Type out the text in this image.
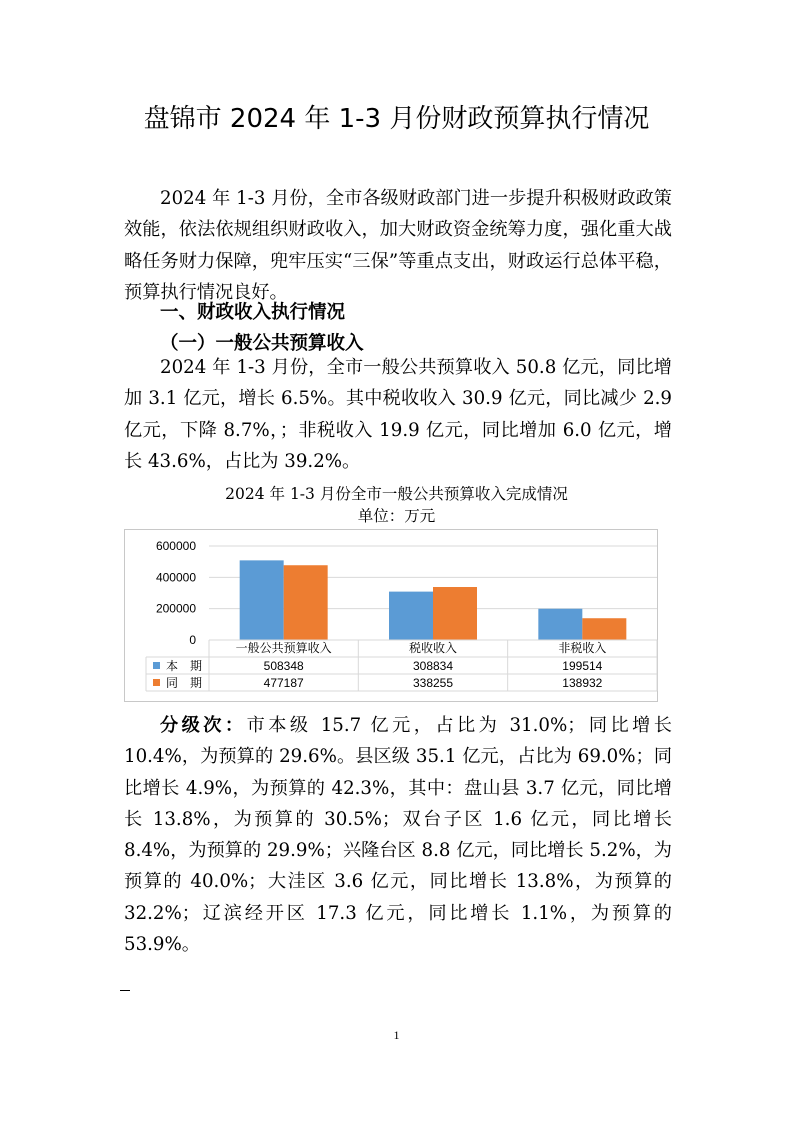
盘锦市 2024 年 1-3 月份财政预算执行情况

2024 年 1-3 月份，全市各级财政部门进一步提升积极财政政策效能，依法依规组织财政收入，加大财政资金统筹力度，强化重大战略任务财力保障，兜牢压实“三保”等重点支出，财政运行总体平稳，预算执行情况良好。

一、财政收入执行情况
（一）一般公共预算收入

2024 年 1-3 月份，全市一般公共预算收入 50.8 亿元，同比增加 3.1 亿元，增长 6.5%。其中税收收入 30.9 亿元，同比减少 2.9 亿元，下降 8.7%，；非税收入 19.9 亿元，同比增加 6.0 亿元，增长 43.6%，占比为 39.2%。

2024 年 1-3 月份全市一般公共预算收入完成情况
单位：万元
600000
400000
200000
0
一般公共预算收入	税收收入	非税收入
本　期	508348	308834	199514
同　期	477187	338255	138932

分级次：市本级 15.7 亿元，占比为 31.0%；同比增长 10.4%，为预算的 29.6%。县区级 35.1 亿元，占比为 69.0%；同比增长 4.9%，为预算的 42.3%，其中：盘山县 3.7 亿元，同比增长 13.8%，为预算的 30.5%；双台子区 1.6 亿元，同比增长 8.4%，为预算的 29.9%；兴隆台区 8.8 亿元，同比增长 5.2%，为预算的 40.0%；大洼区 3.6 亿元，同比增长 13.8%，为预算的 32.2%；辽滨经开区 17.3 亿元，同比增长 1.1%，为预算的 53.9%。

1
